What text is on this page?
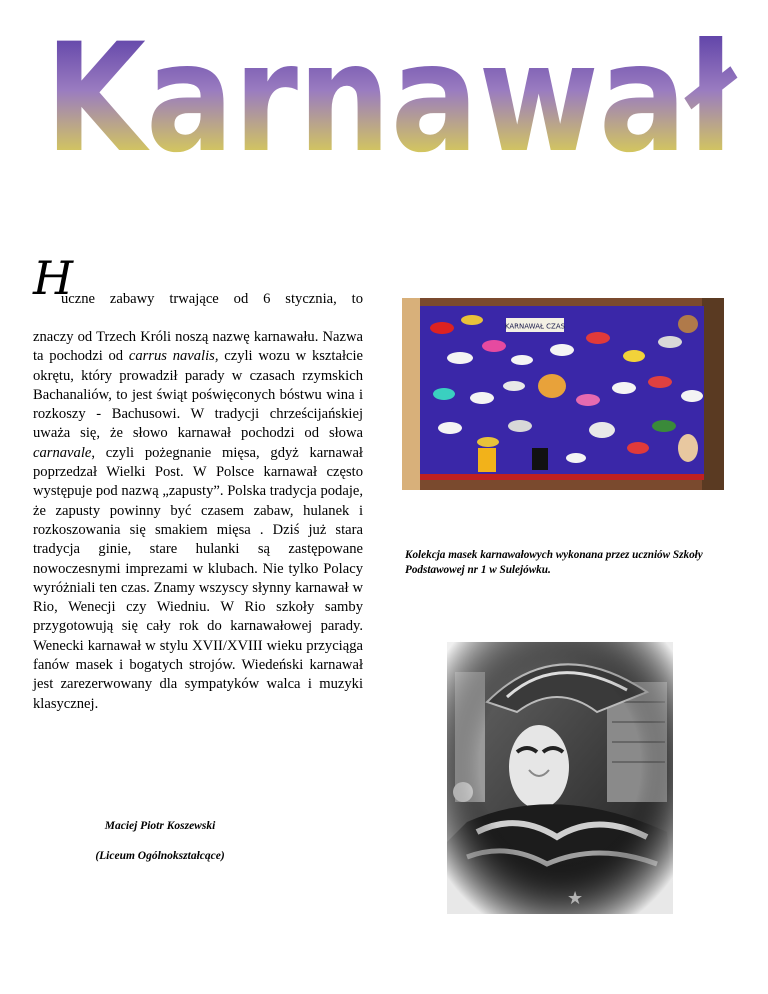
Karnawał
H
uczne zabawy trwające od 6 stycznia, to

znaczy od Trzech Króli noszą nazwę karnawału. Nazwa ta pochodzi od carrus navalis, czyli wozu w kształcie okrętu, który prowadził parady w czasach rzymskich Bachanaliów, to jest świąt poświęconych bóstwu wina i rozkoszy - Bachusowi. W tradycji chrześcijańskiej uważa się, że słowo karnawał pochodzi od słowa carnavale, czyli pożegnanie mięsa, gdyż karnawał poprzedzał Wielki Post. W Polsce karnawał często występuje pod nazwą „zapusty”. Polska tradycja podaje, że zapusty powinny być czasem zabaw, hulanek i rozkoszowania się smakiem mięsa . Dziś już stara tradycja ginie, stare hulanki są zastępowane nowoczesnymi imprezami w klubach. Nie tylko Polacy wyróżniali ten czas. Znamy wszyscy słynny karnawał w Rio, Wenecji czy Wiedniu. W Rio szkoły samby przygotowują się cały rok do karnawałowej parady. Wenecki karnawał w stylu XVII/XVIII wieku przyciąga fanów masek i bogatych strojów. Wiedeński karnawał jest zarezerwowany dla sympatyków walca i muzyki klasycznej.

Maciej Piotr Koszewski
(Liceum Ogólnokształcące)
KARNAWAŁ CZAS
Kolekcja masek karnawałowych wykonana przez uczniów Szkoły Podstawowej nr 1 w Sulejówku.
